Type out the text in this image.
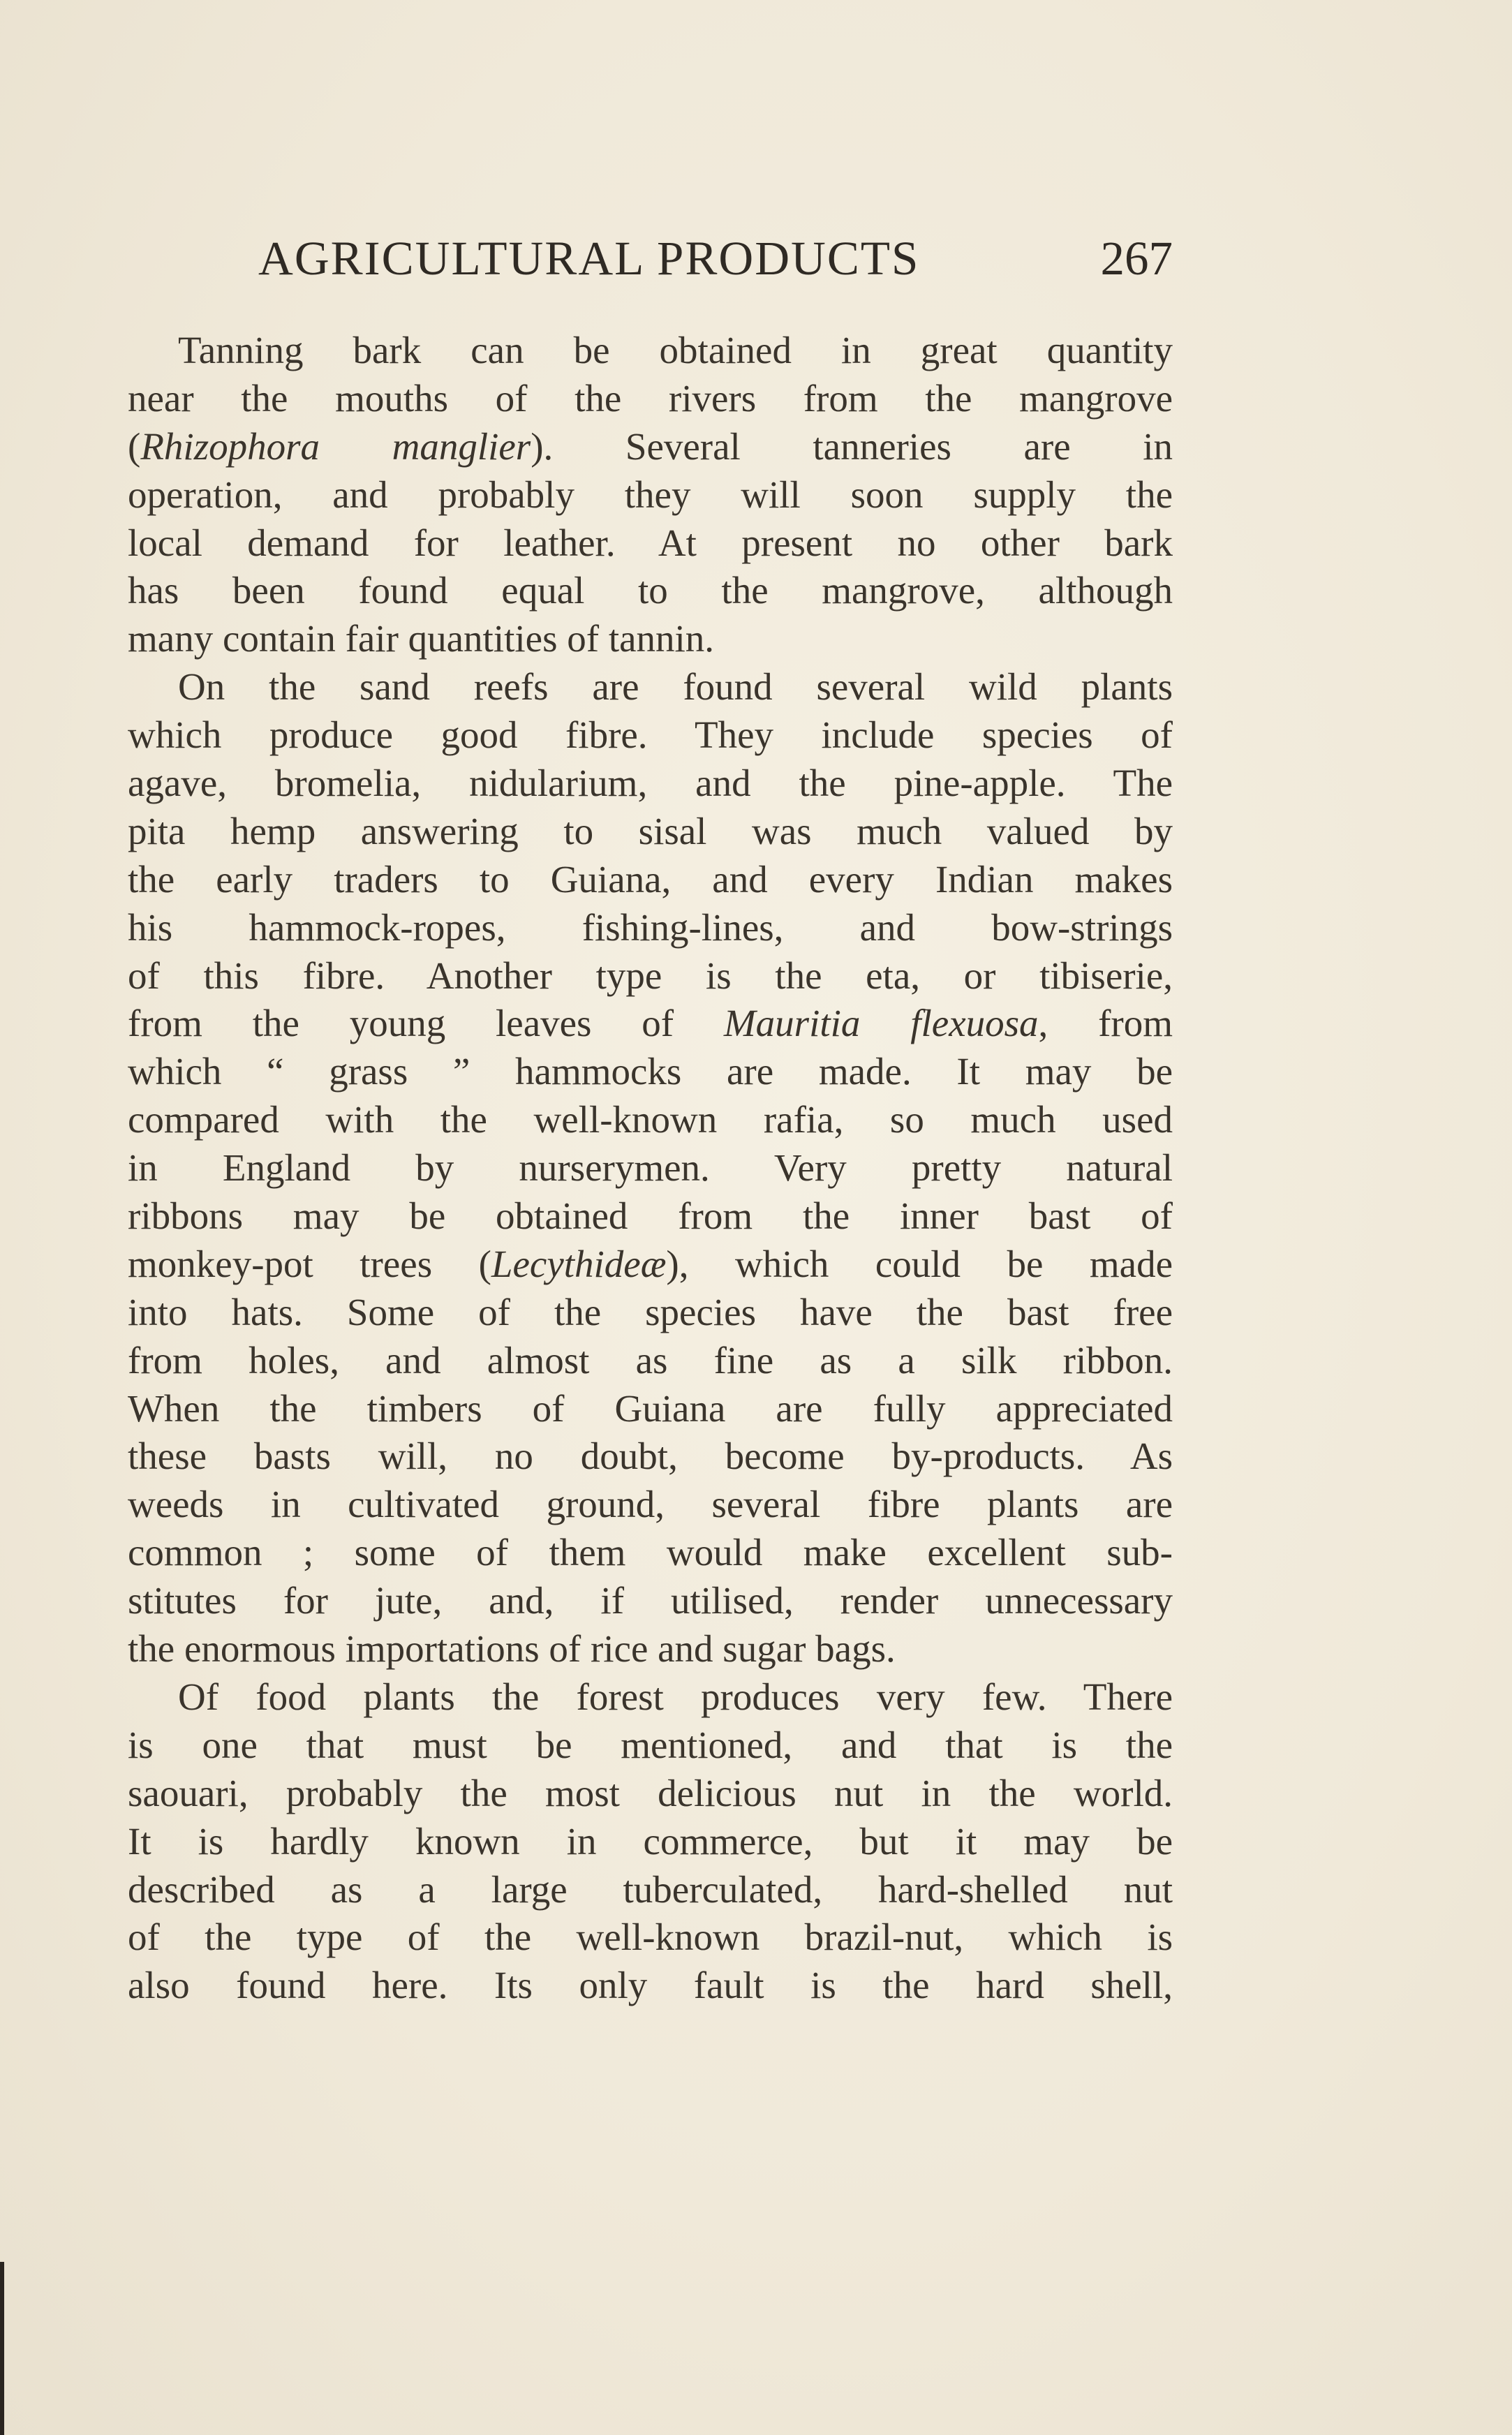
AGRICULTURAL PRODUCTS	267
Tanning bark can be obtained in great quantity
near the mouths of the rivers from the mangrove
(Rhizophora manglier). Several tanneries are in
operation, and probably they will soon supply the
local demand for leather. At present no other bark
has been found equal to the mangrove, although
many contain fair quantities of tannin.
On the sand reefs are found several wild plants
which produce good fibre. They include species of
agave, bromelia, nidularium, and the pine-apple. The
pita hemp answering to sisal was much valued by
the early traders to Guiana, and every Indian makes
his hammock-ropes, fishing-lines, and bow-strings
of this fibre. Another type is the eta, or tibiserie,
from the young leaves of Mauritia flexuosa, from
which “ grass ” hammocks are made. It may be
compared with the well-known rafia, so much used
in England by nurserymen. Very pretty natural
ribbons may be obtained from the inner bast of
monkey-pot trees (Lecythideæ), which could be made
into hats. Some of the species have the bast free
from holes, and almost as fine as a silk ribbon.
When the timbers of Guiana are fully appreciated
these basts will, no doubt, become by-products. As
weeds in cultivated ground, several fibre plants are
common ; some of them would make excellent sub-
stitutes for jute, and, if utilised, render unnecessary
the enormous importations of rice and sugar bags.
Of food plants the forest produces very few. There
is one that must be mentioned, and that is the
saouari, probably the most delicious nut in the world.
It is hardly known in commerce, but it may be
described as a large tuberculated, hard-shelled nut
of the type of the well-known brazil-nut, which is
also found here. Its only fault is the hard shell,
